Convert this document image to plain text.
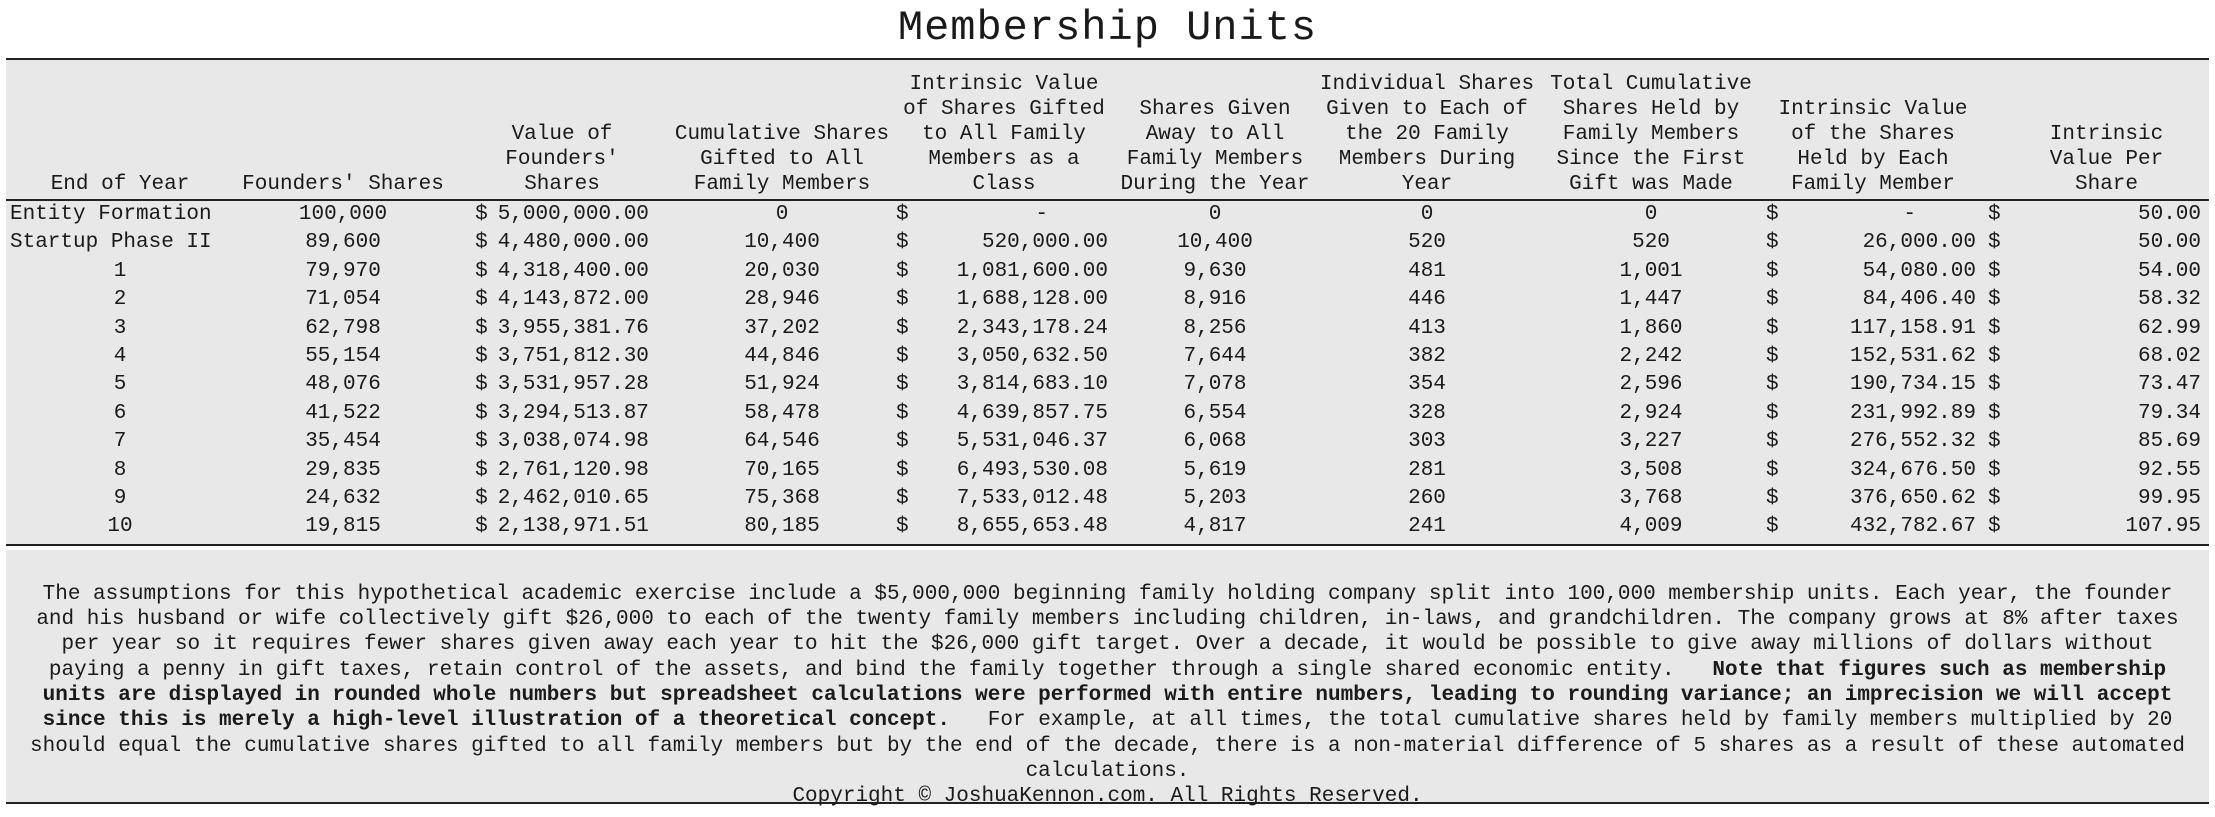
Membership Units
End of Year	Founders' Shares	Value of Founders' Shares	Cumulative Shares Gifted to All Family Members	Intrinsic Value of Shares Gifted to All Family Members as a Class	Shares Given Away to All Family Members During the Year	Individual Shares Given to Each of the 20 Family Members During Year	Total Cumulative Shares Held by Family Members Since the First Gift was Made	Intrinsic Value of the Shares Held by Each Family Member	Intrinsic Value Per Share
Entity Formation	100,000	$ 5,000,000.00	0	$ -	0	0	0	$ -	$ 50.00

Startup Phase II	89,600	$ 4,480,000.00	10,400	$ 520,000.00	10,400	520	520	$ 26,000.00	$ 50.00

1	79,970	$ 4,318,400.00	20,030	$ 1,081,600.00	9,630	481	1,001	$ 54,080.00	$ 54.00

2	71,054	$ 4,143,872.00	28,946	$ 1,688,128.00	8,916	446	1,447	$ 84,406.40	$ 58.32

3	62,798	$ 3,955,381.76	37,202	$ 2,343,178.24	8,256	413	1,860	$ 117,158.91	$ 62.99

4	55,154	$ 3,751,812.30	44,846	$ 3,050,632.50	7,644	382	2,242	$ 152,531.62	$ 68.02

5	48,076	$ 3,531,957.28	51,924	$ 3,814,683.10	7,078	354	2,596	$ 190,734.15	$ 73.47

6	41,522	$ 3,294,513.87	58,478	$ 4,639,857.75	6,554	328	2,924	$ 231,992.89	$ 79.34

7	35,454	$ 3,038,074.98	64,546	$ 5,531,046.37	6,068	303	3,227	$ 276,552.32	$ 85.69

8	29,835	$ 2,761,120.98	70,165	$ 6,493,530.08	5,619	281	3,508	$ 324,676.50	$ 92.55

9	24,632	$ 2,462,010.65	75,368	$ 7,533,012.48	5,203	260	3,768	$ 376,650.62	$ 99.95

10	19,815	$ 2,138,971.51	80,185	$ 8,655,653.48	4,817	241	4,009	$ 432,782.67	$ 107.95

The assumptions for this hypothetical academic exercise include a $5,000,000 beginning family holding company split into 100,000 membership units. Each year, the founder and his husband or wife collectively gift $26,000 to each of the twenty family members including children, in-laws, and grandchildren. The company grows at 8% after taxes per year so it requires fewer shares given away each year to hit the $26,000 gift target. Over a decade, it would be possible to give away millions of dollars without paying a penny in gift taxes, retain control of the assets, and bind the family together through a single shared economic entity. Note that figures such as membership units are displayed in rounded whole numbers but spreadsheet calculations were performed with entire numbers, leading to rounding variance; an imprecision we will accept since this is merely a high-level illustration of a theoretical concept. For example, at all times, the total cumulative shares held by family members multiplied by 20 should equal the cumulative shares gifted to all family members but by the end of the decade, there is a non-material difference of 5 shares as a result of these automated calculations.

Copyright © JoshuaKennon.com. All Rights Reserved.
